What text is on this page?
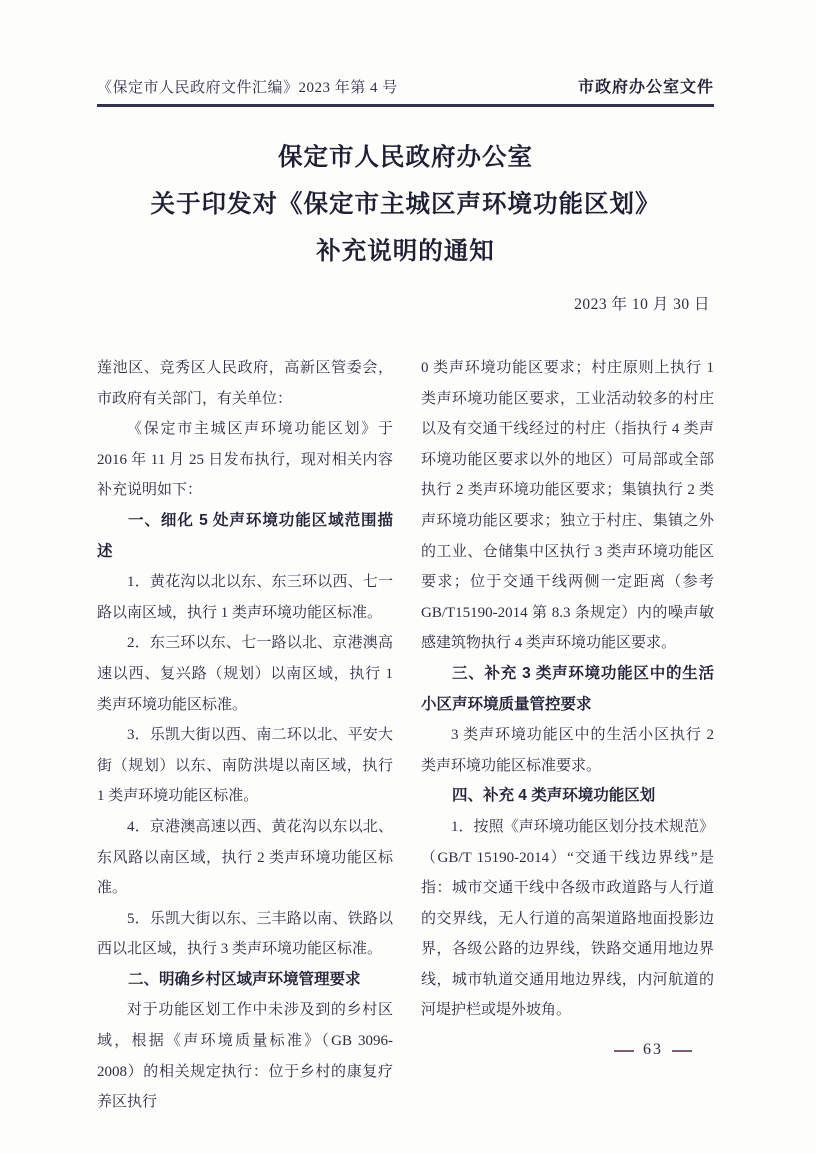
《保定市人民政府文件汇编》2023 年第 4 号	市政府办公室文件
保定市人民政府办公室
关于印发对《保定市主城区声环境功能区划》
补充说明的通知
2023 年 10 月 30 日

莲池区、竞秀区人民政府，高新区管委会，市政府有关部门，有关单位：

《保定市主城区声环境功能区划》于 2016 年 11 月 25 日发布执行，现对相关内容补充说明如下：

一、细化 5 处声环境功能区域范围描述

1．黄花沟以北以东、东三环以西、七一路以南区域，执行 1 类声环境功能区标准。

2．东三环以东、七一路以北、京港澳高速以西、复兴路（规划）以南区域，执行 1 类声环境功能区标准。

3．乐凯大街以西、南二环以北、平安大街（规划）以东、南防洪堤以南区域，执行 1 类声环境功能区标准。

4．京港澳高速以西、黄花沟以东以北、东风路以南区域，执行 2 类声环境功能区标准。

5．乐凯大街以东、三丰路以南、铁路以西以北区域，执行 3 类声环境功能区标准。

二、明确乡村区域声环境管理要求

对于功能区划工作中未涉及到的乡村区域，根据《声环境质量标准》（GB 3096-2008）的相关规定执行：位于乡村的康复疗养区执行

0 类声环境功能区要求；村庄原则上执行 1 类声环境功能区要求，工业活动较多的村庄以及有交通干线经过的村庄（指执行 4 类声环境功能区要求以外的地区）可局部或全部执行 2 类声环境功能区要求；集镇执行 2 类声环境功能区要求；独立于村庄、集镇之外的工业、仓储集中区执行 3 类声环境功能区要求；位于交通干线两侧一定距离（参考 GB/T15190-2014 第 8.3 条规定）内的噪声敏感建筑物执行 4 类声环境功能区要求。

三、补充 3 类声环境功能区中的生活小区声环境质量管控要求

3 类声环境功能区中的生活小区执行 2 类声环境功能区标准要求。

四、补充 4 类声环境功能区划

1．按照《声环境功能区划分技术规范》（GB/T 15190-2014）“交通干线边界线”是指：城市交通干线中各级市政道路与人行道的交界线，无人行道的高架道路地面投影边界，各级公路的边界线，铁路交通用地边界线，城市轨道交通用地边界线，内河航道的河堤护栏或堤外坡角。

63
